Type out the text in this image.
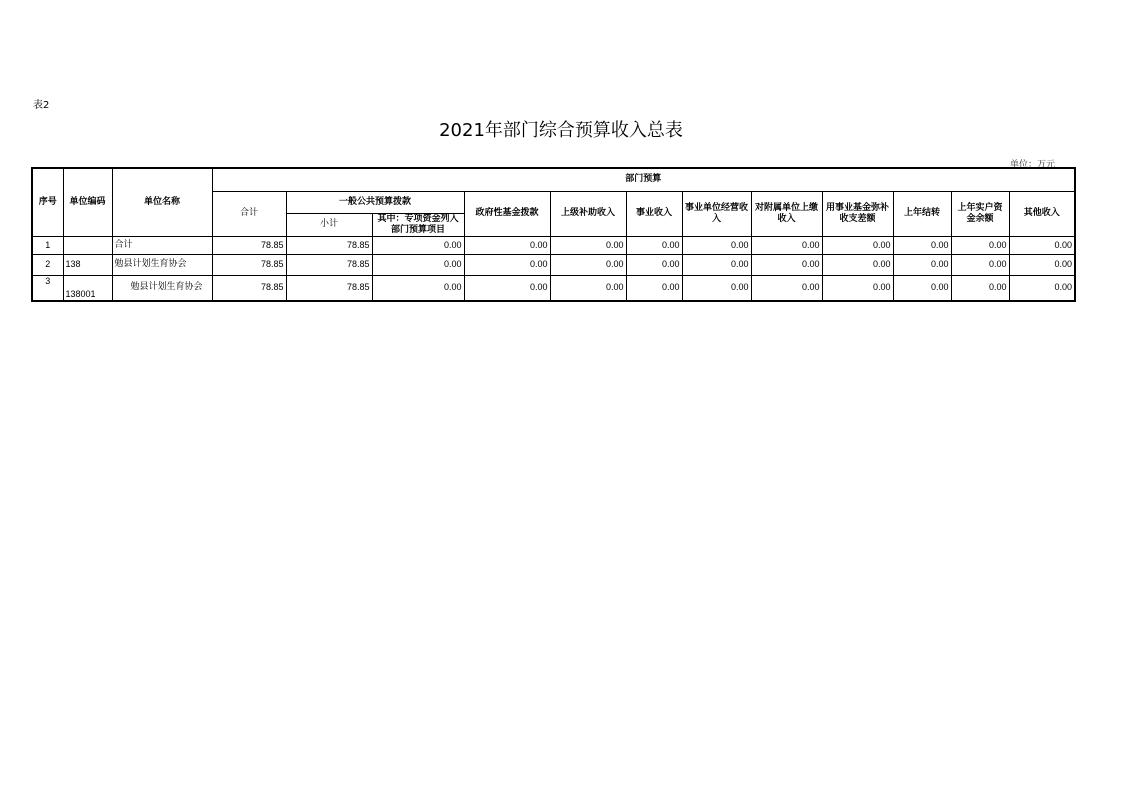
表2
2021年部门综合预算收入总表
单位：万元
序号	单位编码	单位名称	部门预算											
			合计	一般公共预算拨款		政府性基金拨款	上级补助收入	事业收入	事业单位经营收入	对附属单位上缴收入	用事业基金弥补收支差额	上年结转	上年实户资金余额	其他收入
				小计	其中：专项资金列入部门预算项目									
1		合计	78.85	78.85	0.00	0.00	0.00	0.00	0.00	0.00	0.00	0.00	0.00	0.00
2	138	勉县计划生育协会	78.85	78.85	0.00	0.00	0.00	0.00	0.00	0.00	0.00	0.00	0.00	0.00
3	138001	勉县计划生育协会	78.85	78.85	0.00	0.00	0.00	0.00	0.00	0.00	0.00	0.00	0.00	0.00
